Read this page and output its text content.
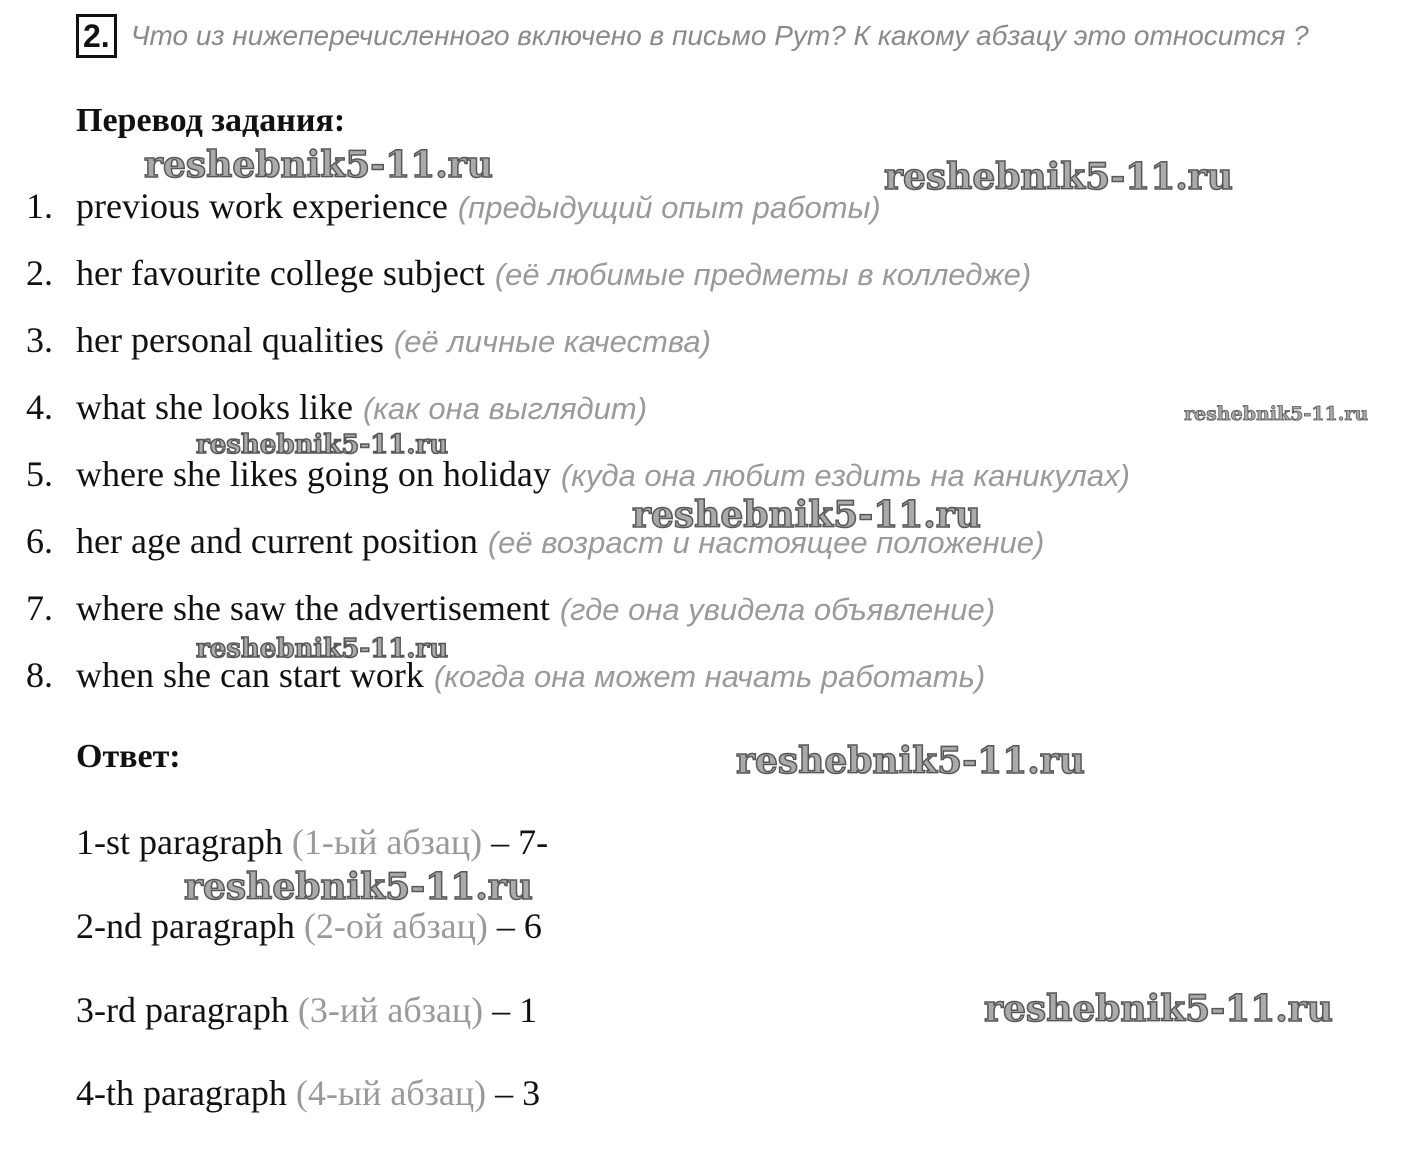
2. Что из нижеперечисленного включено в письмо Рут? К какому абзацу это относится ?
Перевод задания:
1. previous work experience (предыдущий опыт работы)
2. her favourite college subject (её любимые предметы в колледже)
3. her personal qualities (её личные качества)
4. what she looks like (как она выглядит)
5. where she likes going on holiday (куда она любит ездить на каникулах)
6. her age and current position (её возраст и настоящее положение)
7. where she saw the advertisement (где она увидела объявление)
8. when she can start work (когда она может начать работать)
Ответ:
1-st paragraph (1-ый абзац) – 7-
2-nd paragraph (2-ой абзац) – 6
3-rd paragraph (3-ий абзац) – 1
4-th paragraph (4-ый абзац) – 3
reshebnik5-11.ru	reshebnik5-11.ru
reshebnik5-11.ru
reshebnik5-11.ru
reshebnik5-11.ru
reshebnik5-11.ru
reshebnik5-11.ru
reshebnik5-11.ru
reshebnik5-11.ru
